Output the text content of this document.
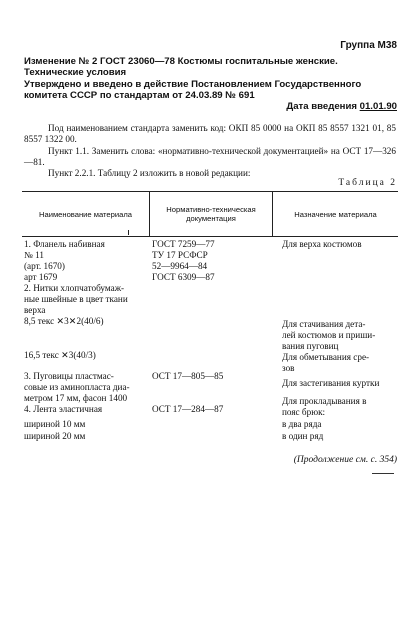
Группа М38
Изменение № 2 ГОСТ 23060—78 Костюмы госпитальные женские. Технические условия
Утверждено и введено в действие Постановлением Государственного комитета СССР по стандартам от 24.03.89 № 691
Дата введения 01.01.90
Под наименованием стандарта заменить код: ОКП 85 0000 на ОКП 85 8557 1321 01, 85 8557 1322 00.
Пункт 1.1. Заменить слова: «нормативно-технической документацией» на ОСТ 17—326—81.
Пункт 2.2.1. Таблицу 2 изложить в новой редакции:
Таблица 2
Наименование материала	Нормативно-техническая документация	Назначение материала
1. Фланель набивная
№ 11
(арт. 1670)
арт 1679
2. Нитки хлопчатобумаж-
ные швейные в цвет ткани
верха
8,5 текс ✕3✕2(40/6)
16,5 текс ✕3(40/3)
3. Пуговицы пластмас-
совые из аминопласта диа-
метром 17 мм, фасон 1400
4. Лента эластичная
шириной 10 мм
шириной 20 мм
ГОСТ 7259—77
ТУ 17 РСФСР
52—9964—84
ГОСТ 6309—87
ОСТ 17—805—85
ОСТ 17—284—87
Для верха костюмов
Для стачивания дета-
лей костюмов и приши-
вания пуговиц
Для обметывания сре-
зов
Для застегивания куртки
Для прокладывания в
пояс брюк:
в два ряда
в один ряд
(Продолжение см. с. 354)
